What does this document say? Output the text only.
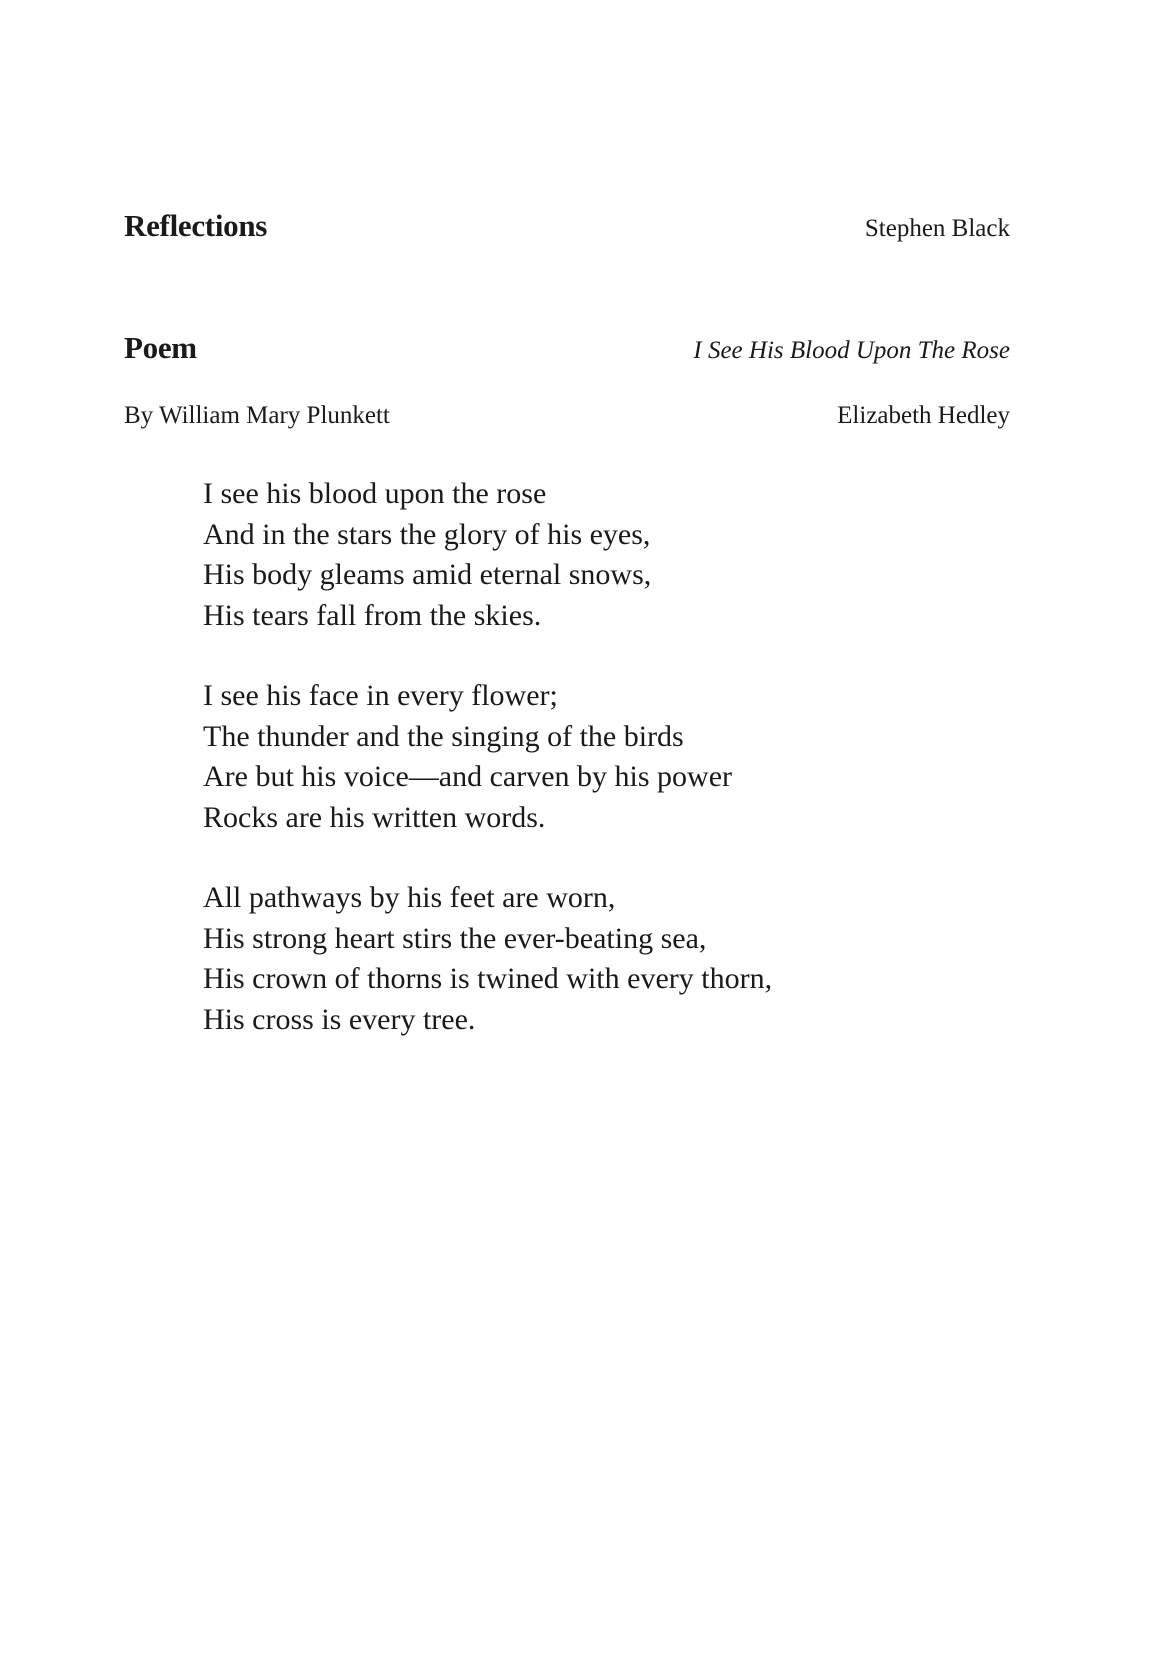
Reflections	Stephen Black
Poem	I See His Blood Upon The Rose
By William Mary Plunkett	Elizabeth Hedley
I see his blood upon the rose
And in the stars the glory of his eyes,
His body gleams amid eternal snows,
His tears fall from the skies.
I see his face in every flower;
The thunder and the singing of the birds
Are but his voice—and carven by his power
Rocks are his written words.
All pathways by his feet are worn,
His strong heart stirs the ever-beating sea,
His crown of thorns is twined with every thorn,
His cross is every tree.
